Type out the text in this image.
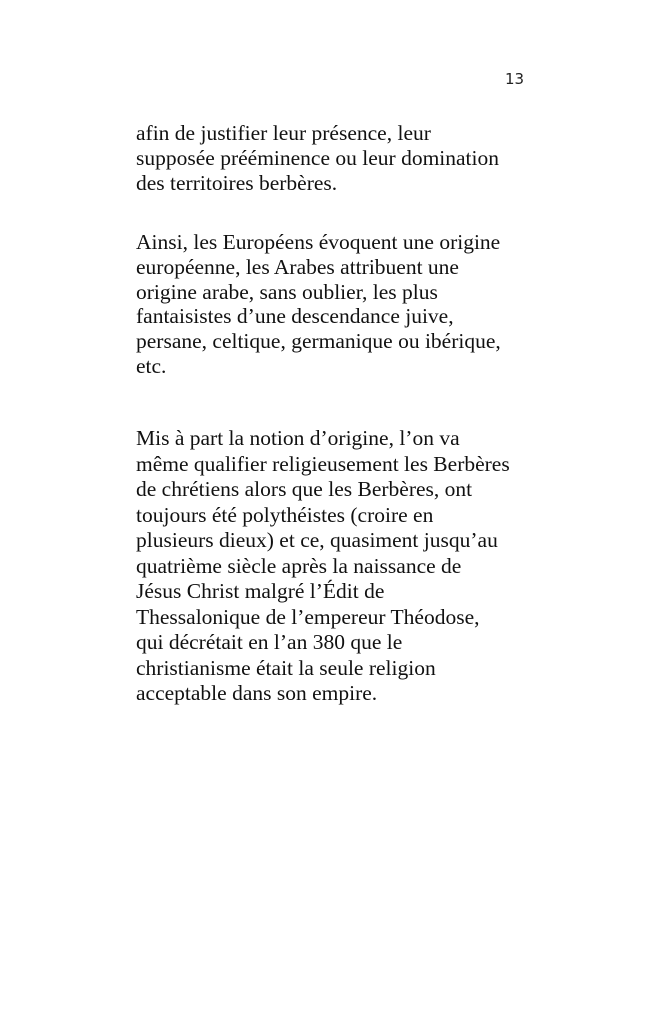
13
afin de justifier leur présence, leur
supposée prééminence ou leur domination
des territoires berbères.
Ainsi, les Européens évoquent une origine
européenne, les Arabes attribuent une
origine arabe, sans oublier, les plus
fantaisistes d’une descendance juive,
persane, celtique, germanique ou ibérique,
etc.
Mis à part la notion d’origine, l’on va
même qualifier religieusement les Berbères
de chrétiens alors que les Berbères, ont
toujours été polythéistes (croire en
plusieurs dieux) et ce, quasiment jusqu’au
quatrième siècle après la naissance de
Jésus Christ malgré l’Édit de
Thessalonique de l’empereur Théodose,
qui décrétait en l’an 380 que le
christianisme était la seule religion
acceptable dans son empire.
